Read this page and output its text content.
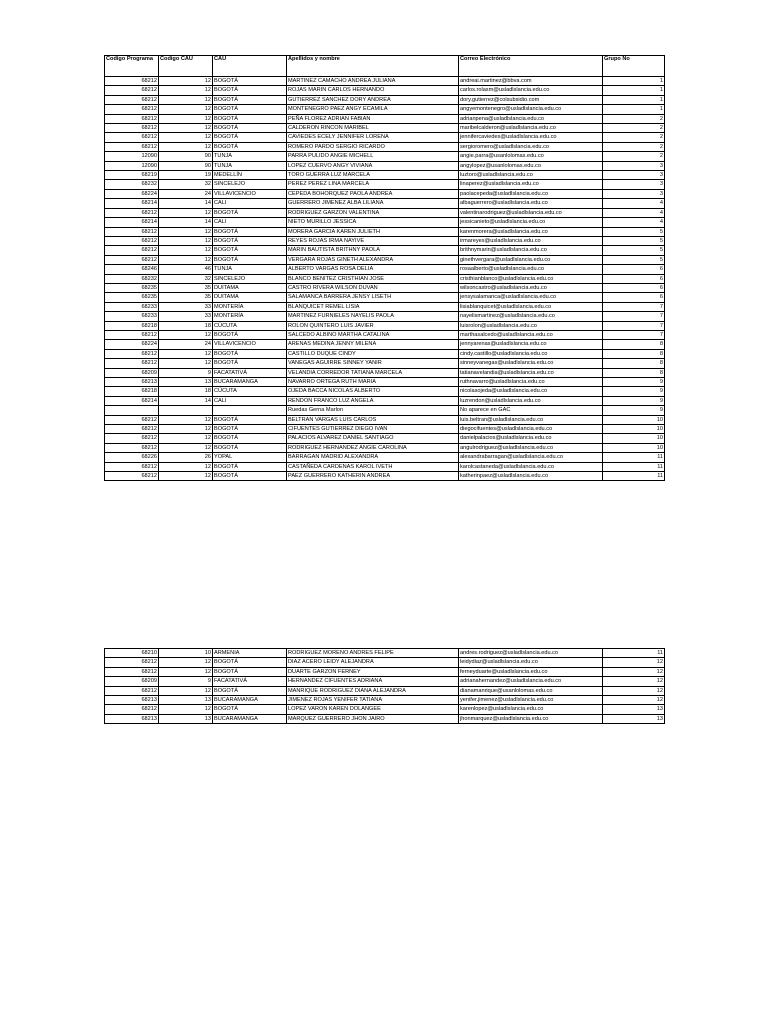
Codigo Programa	Codigo CAU	CAU	Apellidos y nombre	Correo Electrónico	Grupo No
68212	12	BOGOTÁ	MARTINEZ CAMACHO ANDREA JULIANA	andreai.martinez@bbva.com	1
68212	12	BOGOTÁ	ROJAS MARIN CARLOS HERNANDO	carlos.rolasm@usladlslancia.edu.co	1
68212	12	BOGOTÁ	GUTIERREZ SANCHEZ DORY ANDREA	dory.gutierrez@colsubsidio.com	1
68212	12	BOGOTÁ	MONTENEGRO PAEZ ANGY ECAMILA	angyemontenegro@usladlslancia.edu.co	1
68212	12	BOGOTÁ	PEÑA FLOREZ ADRIAN FABIAN	adrianpena@usladlslancia.edu.co	2
68212	12	BOGOTÁ	CALDERON RINCON MARIBEL	maribelcalderon@usladlslancia.edu.co	2
68212	12	BOGOTÁ	CAVIEDES ECELY JENNIFER LORENA	jennifercaviedes@usladlslancia.edu.co	2
68212	12	BOGOTÁ	ROMERO PARDO SERGIO RICARDO	sergioromero@usladlslancia.edu.co	2
12090	90	TUNJA	PARRA PULIDO ANGIE MICHELL	angie.parra@usanlolomas.edu.co	2
12090	90	TUNJA	LOPEZ CUERVO ANGY VIVIANA	angylopez@usanlolomas.edu.co	3
68219	19	MEDELLÍN	TORO GUERRA LUZ MARCELA	luztoro@usladlslancia.edu.co	3
68232	32	SINCELEJO	PEREZ PEREZ LINA MARCELA	linaperez@usladlslancia.edu.co	3
68224	24	VILLAVICENCIO	CEPEDA BOHORQUEZ PAOLA ANDREA	paolacepeda@usladlslancia.edu.co	3
68214	14	CALI	GUERRERO JIMENEZ ALBA LILIANA	albaguerrero@usladlslancia.edu.co	4
68212	12	BOGOTÁ	RODRIGUEZ GARZON VALENTINA	valentinarodriguez@usladlslancia.edu.co	4
68214	14	CALI	NIETO MURILLO JESSICA	jessicanieto@usladlslancia.edu.co	4
68212	12	BOGOTÁ	MORERA GARCIA KAREN JULIETH	karenmorera@usladlslancia.edu.co	5
68212	12	BOGOTÁ	REYES ROJAS IRMA NAYIVE	irmareyes@usladlslancia.edu.co	5
68212	12	BOGOTÁ	MARIN BAUTISTA BRITHNY PAOLA	brithnymarin@usladlslancia.edu.co	5
68212	12	BOGOTÁ	VERGARA ROJAS GINETH ALEXANDRA	ginethvergara@usladlslancia.edu.co	5
68246	46	TUNJA	ALBERTO VARGAS ROSA DELIA	rosaalberto@usladlslancia.edu.co	6
68232	32	SINCELEJO	BLANCO BENITEZ CRISTHIAN JOSE	cristhianblanco@usladlslancia.edu.co	6
68235	35	DUITAMA	CASTRO RIVERA WILSON DUVAN	wilsoncastro@usladlslancia.edu.co	6
68235	35	DUITAMA	SALAMANCA BARRERA JENSY LISETH	jensysalamanca@usladlslancia.edu.co	6
68233	33	MONTERÍA	BLANQUICET REMEL LISIA	lisiablanquicet@usladlslancia.edu.co	7
68233	33	MONTERÍA	MARTINEZ FURNIELES NAYELIS PAOLA	nayelismartinez@usladlslancia.edu.co	7
68218	18	CÚCUTA	ROLON QUINTERO LUIS JAVIER	luisrolon@usladlslancia.edu.co	7
68212	12	BOGOTÁ	SALCEDO ALBINO MARTHA CATALINA	marthasalcedo@usladlslancia.edu.co	7
68224	24	VILLAVICENCIO	ARENAS MEDINA JENNY MILENA	jennyarenas@usladlslancia.edu.co	8
68212	12	BOGOTÁ	CASTILLO DUQUE CINDY	cindy.castillo@usladlslancia.edu.co	8
68212	12	BOGOTÁ	VANEGAS AGUIRRE SINNEY YANIR	sinneyvanegas@usladlslancia.edu.co	8
68209	9	FACATATIVÁ	VELANDIA CORREDOR TATIANA MARCELA	tatianavelandia@usladlslancia.edu.co	8
68213	13	BUCARAMANGA	NAVARRO ORTEGA RUTH MARIA	ruthnavarro@usladlslancia.edu.co	9
68218	18	CÚCUTA	OJEDA BACCA NICOLAS ALBERTO	nicolasojeda@usladlslancia.edu.co	9
68214	14	CALI	RENDON FRANCO LUZ ANGELA	luzrendon@usladlslancia.edu.co	9
			Ruedas Gerna Marlon	No aparece en GAC	9
68212	12	BOGOTÁ	BELTRAN VARGAS LUIS CARLOS	luis.beltran@usladlslancia.edu.co	10
68212	12	BOGOTÁ	CIFUENTES GUTIERREZ DIEGO IVAN	diegocifuentes@usladlslancia.edu.co	10
68212	12	BOGOTÁ	PALACIOS ALVAREZ DANIEL SANTIAGO	danielpalacios@usladlslancia.edu.co	10
68212	12	BOGOTÁ	RODRIGUEZ HERNANDEZ ANGIE CAROLINA	angulrodriguez@usladlslancia.edu.co	10
68226	26	YOPAL	BARRAGAN MADRID ALEXANDRA	alexandrabarragan@usladlslancia.edu.co	11
68212	12	BOGOTÁ	CASTAÑEDA CARDENAS KAROL IVETH	karolcastaneda@usladlslancia.edu.co	11
68212	12	BOGOTÁ	PAEZ GUERRERO KATHERIN ANDREA	katherinpaez@usladlslancia.edu.co	11
68210	10	ARMENIA	RODRIGUEZ MORENO ANDRES FELIPE	andres.rodriguez@usladlslancia.edu.co	11
68212	12	BOGOTÁ	DIAZ ACERO LEIDY ALEJANDRA	leidydiaz@usladlslancia.edu.co	12
68212	12	BOGOTÁ	DUARTE GARZON FERNEY	ferneyduarte@usladlslancia.edu.co	12
68209	9	FACATATIVÁ	HERNANDEZ CIFUENTES ADRIANA	adrianahernandez@usladlslancia.edu.co	12
68212	12	BOGOTÁ	MANRIQUE RODRIGUEZ DIANA ALEJANDRA	dianamanrique@usanlolomas.edu.co	12
68213	13	BUCARAMANGA	JIMENEZ ROJAS YENIFER TATIANA	yenifer.jimenez@usladlslancia.edu.co	12
68212	12	BOGOTÁ	LOPEZ VARON KAREN DOLANGEE	karenlopez@usladlslancia.edu.co	13
68213	13	BUCARAMANGA	MARQUEZ GUERRERO JHON JAIRO	jhonmarquez@usladlslancia.edu.co	13
